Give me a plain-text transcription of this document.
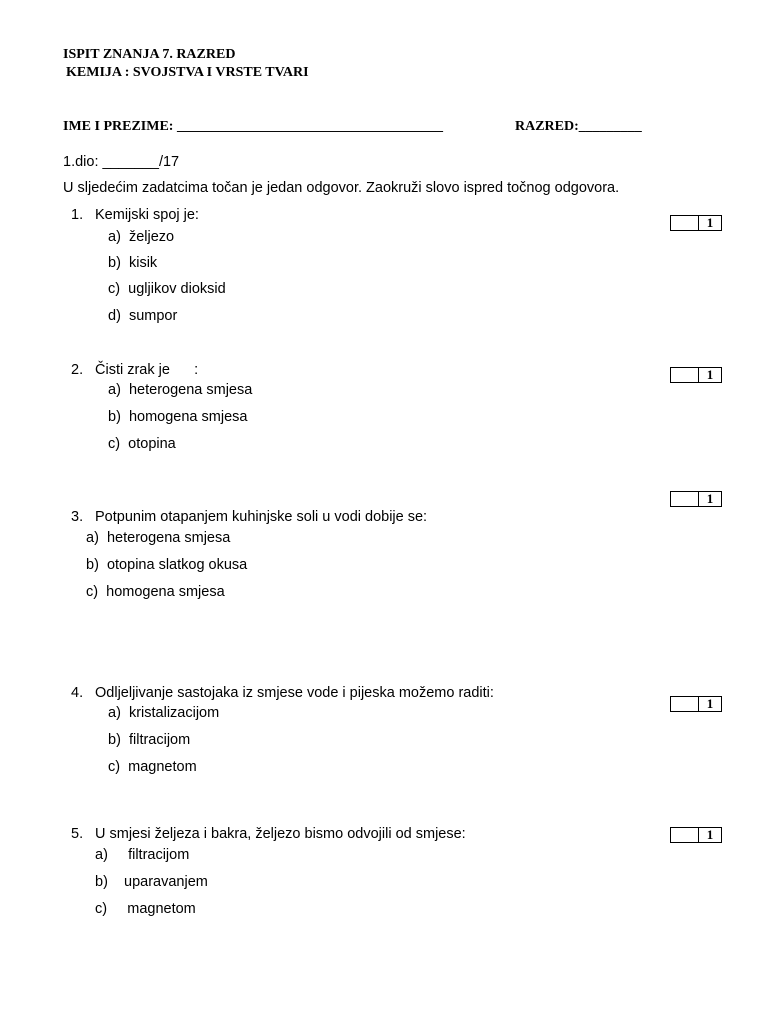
ISPIT ZNANJA 7. RAZRED
KEMIJA : SVOJSTVA I VRSTE TVARI
IME I PREZIME: ______________________________________	RAZRED:_________
1.dio: _______/17
U sljedećim zadatcima točan je jedan odgovor. Zaokruži slovo ispred točnog odgovora.
1. Kemijski spoj je:	1
a) željezo
b) kisik
c) ugljikov dioksid
d) sumpor
2. Čisti zrak je      :	1
a) heterogena smjesa
b) homogena smjesa
c) otopina
1
3. Potpunim otapanjem kuhinjske soli u vodi dobije se:
a) heterogena smjesa
b) otopina slatkog okusa
c) homogena smjesa
4. Odljeljivanje sastojaka iz smjese vode i pijeska možemo raditi:
1
a) kristalizacijom
b) filtracijom
c) magnetom
5. U smjesi željeza i bakra, željezo bismo odvojili od smjese:	1
a) filtracijom
b) uparavanjem
c) magnetom
